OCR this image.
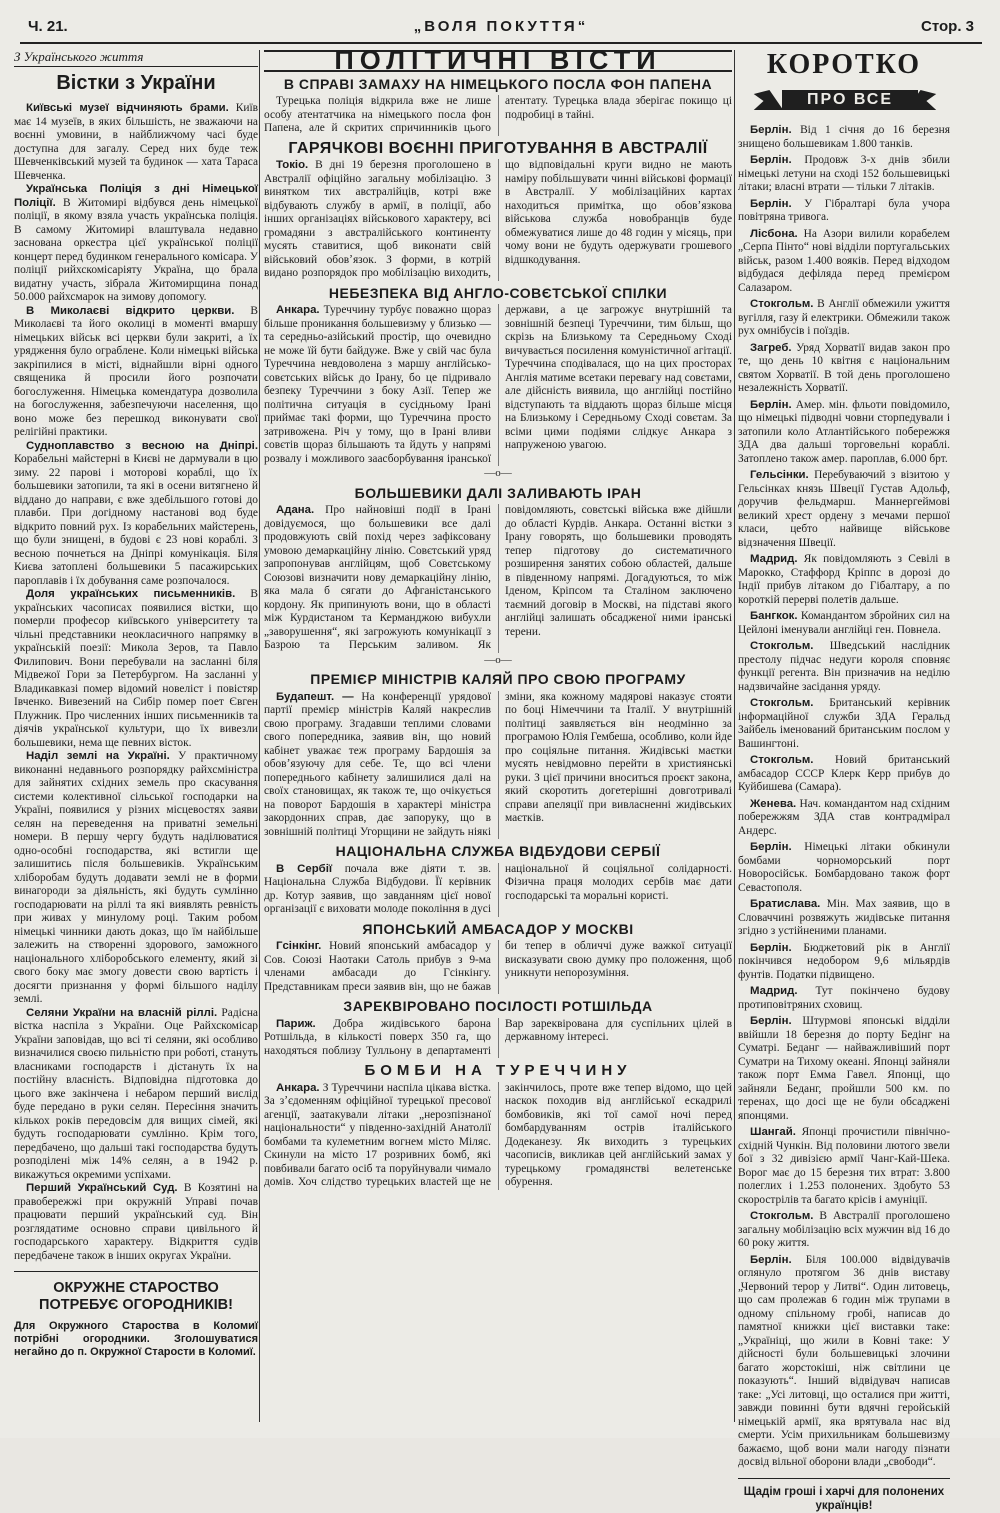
Ч. 21.	„ВОЛЯ ПОКУТТЯ“	Стор. 3
З Українського життя
Вістки з України

Київські музеї відчиняють брами. Київ має 14 музеїв, в яких більшість, не зважаючи на воєнні умовини, в найближчому часі буде доступна для загалу. Серед них буде теж Шевченківський музей та будинок — хата Тараса Шевченка.

Українська Поліція з дні Німецької Поліції. В Житомирі відбувся день німецької поліції, в якому взяла участь українська поліція. В самому Житомирі влаштувала недавно заснована оркестра цієї української поліції концерт перед будинком генерального комісара. У поліції рийхскомісаріяту Україна, що брала видатну участь, зібрала Житомирщина понад 50.000 райхсмарок на зимову допомогу.

В Миколаєві відкрито церкви. В Миколаєві та його околиці в моменті вмаршу німецьких військ всі церкви були закриті, а їх урядження було ограблене. Коли німецькі війська закріпилися в місті, віднайшли вірні одного священика й просили його розпочати богослуження. Німецька комендатура дозволила на богослуження, забезпечуючи населення, що воно може без перешкод виконувати свої релігійні практики.

Судноплавство з весною на Дніпрі. Корабельні майстерні в Києві не дармували в цю зиму. 22 парові і моторові кораблі, що їх большевики затопили, та які в осени витягнено й віддано до направи, є вже здебільшого готові до плавби. При догідному настанові вод буде відкрито повний рух. Із корабельних майстерень, що були знищені, в будові є 23 нові кораблі. З весною почнеться на Дніпрі комунікація. Біля Києва затоплені большевики 5 пасажирських пароплавів і їх добування саме розпочалося.

Доля українських письменників. В українських часописах появилися вістки, що померли професор київського університету та чільні представники неокласичного напрямку в українській поезії: Микола Зеров, та Павло Филипович. Вони перебували на засланні біля Мідвежої Гори за Петербургом. На засланні у Владикавказі помер відомий новеліст і повістяр Івченко. Вивезений на Сибір помер поет Євген Плужник. Про численних інших письменників та діячів української культури, що їх вивезли большевики, нема ще певних вісток.

Наділ землі на Україні. У практичному виконанні недавнього розпорядку райхсміністра для зайнятих східних земель про скасування системи колективної сільської господарки на Україні, появилися у різних місцевостях заяви селян на переведення на приватні земельні номери. В першу чергу будуть наділюватися одно-особні господарства, які встигли ще залишитись після большевиків. Українським хліборобам будуть додавати землі не в форми винагороди за діяльність, які будуть сумлінно господарювати на ріллі та які виявлять ревність при живах у минулому році. Таким робом німецькі чинники дають доказ, що їм найбільше залежить на створенні здорового, заможного національного хліборобського елементу, який зі свого боку має змогу довести свою вартість і досягти признання у формі більшого наділу землі.

Селяни України на власній ріллі. Радісна вістка наспіла з України. Оце Райхскомісар України заповідав, що всі ті селяни, які особливо визначилися своєю пильністю при роботі, стануть власниками господарств і дістануть їх на постійну власність. Відповідна підготовка до цього вже закінчена і небаром перший вислід буде передано в руки селян. Пересіння значить кількох років передовсім для вищих сімей, які будуть господарювати сумлінно. Крім того, передбачено, що дальші такі господарства будуть розподілені між 14% селян, а в 1942 р. викажуться окремими успіхами.

Перший Український Суд. В Козятині на правобережжі при окружній Управі почав працювати перший український суд. Він розглядатиме основно справи цивільного й господарського характеру. Відкриття судів передбачене також в інших округах України.

ОКРУЖНЕ СТАРОСТВО ПОТРЕБУЄ ОГОРОДНИКІВ!
Для Окружного Староства в Коломиї потрібні огородники. Зголошуватися негайно до п. Окружної Старости в Коломиї.
ПОЛІТИЧНІ ВІСТИ
В СПРАВІ ЗАМАХУ НА НІМЕЦЬКОГО ПОСЛА ФОН ПАПЕНА

Турецька поліція відкрила вже не лише особу атентатчика на німецького посла фон Папена, але й скритих спричинників цього атентату. Турецька влада зберігає покищо ці подробиці в тайні.

ГАРЯЧКОВІ ВОЄННІ ПРИГОТУВАННЯ В АВСТРАЛІЇ

Токіо. В дні 19 березня проголошено в Австралії офіційно загальну мобілізацію. З винятком тих австралійців, котрі вже відбувають службу в армії, в поліції, або інших організаціях військового характеру, всі громадяни з австралійського континенту мусять ставитися, щоб виконати свій військовий обовʼязок. З форми, в котрій видано розпорядок про мобілізацію виходить, що відповідальні круги видно не мають наміру побільшувати чинні військові формації в Австралії. У мобілізаційних картах находиться примітка, що обовʼязкова військова служба новобранців буде обмежуватися лише до 48 годин у місяць, при чому вони не будуть одержувати грошевого відшкодування.

НЕБЕЗПЕКА ВІД АНГЛО-СОВЄТСЬКОЇ СПІЛКИ

Анкара. Туреччину турбує поважно щораз більше проникання большевизму у близько — та середньо-азійський простір, що очевидно не може їй бути байдуже. Вже у свій час була Туреччина невдоволена з маршу англійсько-совєтських військ до Ірану, бо це підривало безпеку Туреччини з боку Азії. Тепер же політична ситуація в сусідньому Ірані приймає такі форми, що Туреччина просто затривожена. Річ у тому, що в Ірані вливи совєтів щораз більшають та йдуть у напрямі розвалу і можливого заасборбування іранської держави, а це загрожує внутрішній та зовнішній безпеці Туреччини, тим більш, що скрізь на Близькому та Середньому Сході вичувається посилення комуністичної агітації. Туреччина сподівалася, що на цих просторах Англія матиме всетаки перевагу над совєтами, але дійсність виявила, що англійці постійно відступають та віддають щораз більше місця на Близькому і Середньому Сході совєтам. За всіми цими подіями слідкує Анкара з напруженою увагою.

—о—
БОЛЬШЕВИКИ ДАЛІ ЗАЛИВАЮТЬ ІРАН

Адана. Про найновіші події в Ірані довідуємося, що большевики все далі продовжують свій похід через зафіксовану умовою демаркаційну лінію. Совєтський уряд запропонував англійцям, щоб Совєтському Союзові визначити нову демаркаційну лінію, яка мала б сягати до Афганістанського кордону. Як припинують вони, що в області між Курдистаном та Керманджою вибухли „заворушення“, які загрожують комунікації з Базрою та Перським заливом. Як повідомляють, совєтські війська вже дійшли до області Курдів. Анкара. Останні вістки з Ірану говорять, що большевики проводять тепер підготову до систематичного розширення занятих собою областей, дальше в південному напрямі. Догадуються, то між Іденом, Кріпсом та Сталіном заключено таємний договір в Москві, на підставі якого англійці залишать обсадженої ними іранські терени.

—о—
ПРЕМІЄР МІНІСТРІВ КАЛЯЙ ПРО СВОЮ ПРОГРАМУ

Будапешт. — На конференції урядової партії премієр міністрів Каляй накреслив свою програму. Згадавши теплими словами свого попередника, заявив він, що новий кабінет уважає теж програму Бардошія за обовʼязуючу для себе. Те, що всі члени попереднього кабінету залишилися далі на своїх становищах, як також те, що очікується на поворот Бардошія в характері міністра закордонних справ, дає запоруку, що в зовнішній політиці Угорщини не зайдуть ніякі зміни, яка кожному мадярові наказує стояти по боці Німеччини та Італії. У внутрішній політиці заявляється він неодмінно за програмою Юлія Гембеша, особливо, коли йде про соціяльне питання. Жидівські маєтки мусять невідмовно перейти в християнські руки. З цієї причини вноситься проєкт закона, який скоротить догетерішні довготривалі справи апеляції при вивласненні жидівських маєтків.

НАЦІОНАЛЬНА СЛУЖБА ВІДБУДОВИ СЕРБІЇ

В Сербії почала вже діяти т. зв. Національна Служба Відбудови. Її керівник др. Котур заявив, що завданням цієї нової організації є виховати молоде покоління в дусі національної й соціяльної солідарності. Фізична праця молодих сербів має дати господарські та моральні користі.

ЯПОНСЬКИЙ АМБАСАДОР У МОСКВІ

Гсінкінг. Новий японський амбасадор у Сов. Союзі Наотаки Сатоль прибув з 9-ма членами амбасади до Гсінкінгу. Представникам преси заявив він, що не бажав би тепер в обличчі дуже важкої ситуації висказувати свою думку про положення, щоб уникнути непорозуміння.

ЗАРЕКВІРОВАНО ПОСІЛОСТІ РОТШІЛЬДА

Париж. Добра жидівського барона Ротшільда, в кількості поверх 350 га, що находяться поблизу Тулльону в департаменті Вар зареквірована для суспільних цілей в державному інтересі.

БОМБИ НА ТУРЕЧЧИНУ

Анкара. З Туреччини наспіла цікава вістка. За зʼєдоменням офіційної турецької пресової агенції, заатакували літаки „нерозпізнаної національности“ у південно-західній Анатолії бомбами та кулеметним вогнем місто Міляс. Скинули на місто 17 розривних бомб, які повбивали багато осіб та поруйнували чимало домів. Хоч слідство турецьких властей ще не закінчилось, проте вже тепер відомо, що цей наскок походив від англійської ескадрилі бомбовиків, які тої самої ночі перед бомбардуванням острів італійського Додеканезу. Як виходить з турецьких часописів, викликав цей англійський замах у турецькому громадянстві велетенське обурення.

КОРОТКО
ПРО ВСЕ

Берлін. Від 1 січня до 16 березня знищено большевикам 1.800 танків.

Берлін. Продовж 3-х днів збили німецькі летуни на сході 152 большевицькі літаки; власні втрати — тільки 7 літаків.

Берлін. У Гібралтарі була учора повітряна тривога.

Лісбона. На Азори вилили корабелем „Серпа Пінто“ нові відділи португальських військ, разом 1.400 вояків. Перед відходом відбудася дефіляда перед премієром Салазаром.

Стокгольм. В Англії обмежили ужиття вугілля, газу й електрики. Обмежили також рух омнібусів і поїздів.

Загреб. Уряд Хорватії видав закон про те, що день 10 квітня є національним святом Хорватії. В той день проголошено незалежність Хорватії.

Берлін. Амер. мін. фльоти повідомило, що німецькі підводні човни сторпедували і затопили коло Атлантійського побережжя ЗДА два дальші торговельні кораблі. Затоплено також амер. пароплав, 6.000 брт.

Гельсінки. Перебуваючий з візитою у Гельсінках князь Швеції Густав Адольф, доручив фельдмарш. Маннергеймові великий хрест ордену з мечами першої класи, цебто найвище військове відзначення Швеції.

Мадрид. Як повідомляють з Севілі в Марокко, Стаффорд Кріппс в дорозі до Індії прибув літаком до Гібалтару, а по короткій перерві полетів дальше.

Бангкок. Командантом збройних сил на Цейлоні іменували англійці ген. Повнела.

Стокгольм. Шведський наслідник престолу підчас недуги короля сповняє функції регента. Він призначив на неділю надзвичайне засідання уряду.

Стокгольм. Британський керівник інформаційної служби ЗДА Геральд Зайбель іменований британським послом у Вашингтоні.

Стокгольм. Новий британський амбасадор СССР Клерк Керр прибув до Куйбишева (Самара).

Женева. Нач. командантом над східним побережжям ЗДА став контрадмірал Андерс.

Берлін. Німецькі літаки обкинули бомбами чорноморський порт Новоросійськ. Бомбардовано також форт Севастополя.

Братислава. Мін. Мах заявив, що в Словаччині розвяжуть жидівське питання згідно з устійненими планами.

Берлін. Бюджетовий рік в Англії покінчився недобором 9,6 мільярдів фунтів. Податки підвищено.

Мадрид. Тут покінчено будову протиповітряних сховищ.

Берлін. Штурмові японські відділи ввійшли 18 березня до порту Бедінг на Суматрі. Беданг — найважливіший порт Суматри на Тихому океані. Японці зайняли також порт Емма Гавел. Японці, що зайняли Беданг, пройшли 500 км. по теренах, що досі ще не були обсаджені японцями.

Шангай. Японці прочистили північно-східній Чункін. Від половини лютого звели бої з 32 дивізією армії Чанг-Кай-Шека. Ворог має до 15 березня тих втрат: 3.800 полеглих і 1.253 полонених. Здобуто 53 скорострілів та багато крісів і амуніції.

Стокгольм. В Австралії проголошено загальну мобілізацію всіх мужчин від 16 до 60 року життя.

Берлін. Біля 100.000 відвідувачів оглянуло протягом 36 днів виставу „Червоний терор у Литві“. Один литовець, що сам пролежав 6 годин між трупами в одному спільному гробі, написав до памятної книжки цієї виставки таке: „Україніці, що жили в Ковні таке: У дійсності були большевицькі злочини багато жорстокіші, ніж світлини це показують“. Інший відвідувач написав таке: „Усі литовці, що осталися при житті, завжди повинні бути вдячні геройській німецькій армії, яка врятувала нас від смерти. Усім прихильникам большевизму бажаємо, щоб вони мали нагоду пізнати досвід вільної оборони влади „свободи“.

Щадім гроші і харчі для полонених українців!
